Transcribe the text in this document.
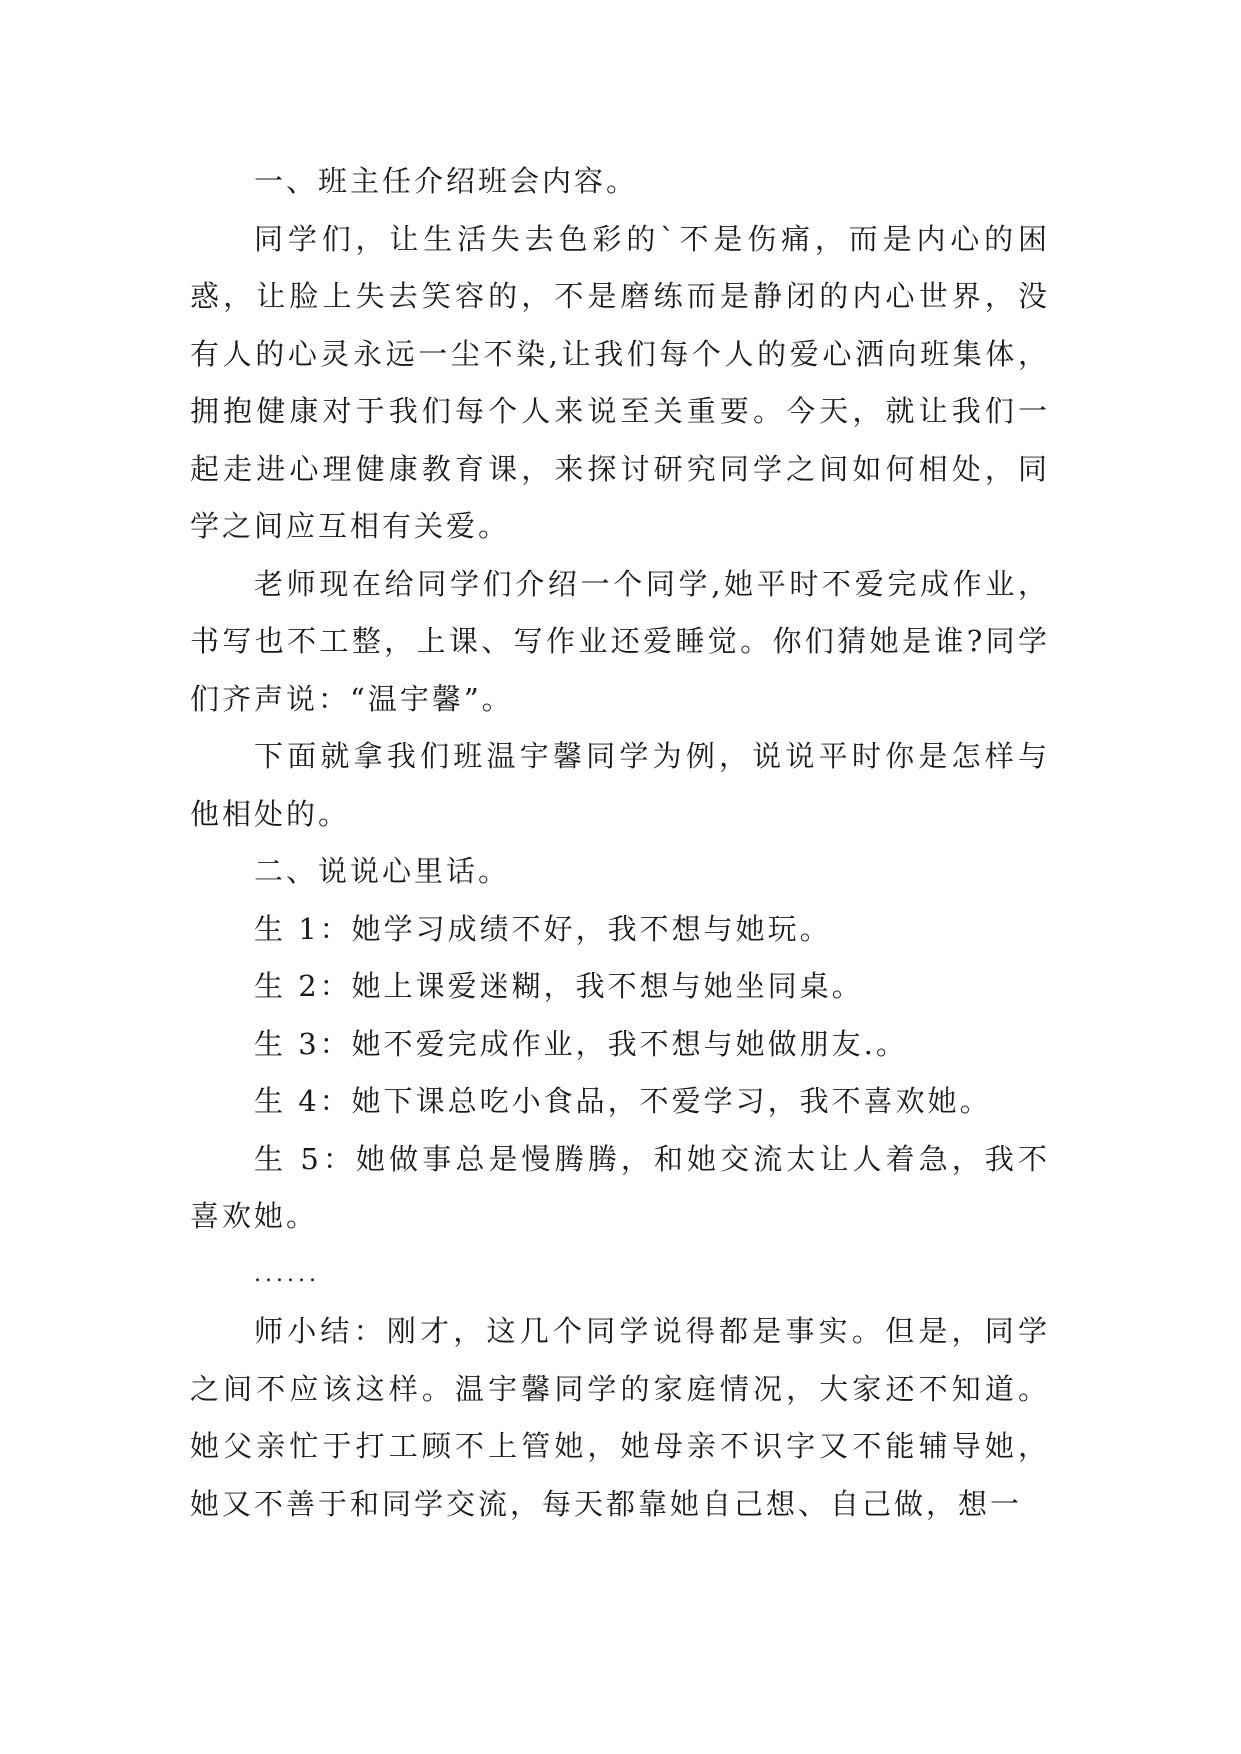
一、班主任介绍班会内容。

同学们，让生活失去色彩的`不是伤痛，而是内心的困惑，让脸上失去笑容的，不是磨练而是静闭的内心世界，没有人的心灵永远一尘不染,让我们每个人的爱心洒向班集体，拥抱健康对于我们每个人来说至关重要。今天，就让我们一起走进心理健康教育课，来探讨研究同学之间如何相处，同学之间应互相有关爱。

老师现在给同学们介绍一个同学,她平时不爱完成作业，书写也不工整，上课、写作业还爱睡觉。你们猜她是谁?同学们齐声说：“温宇馨”。

下面就拿我们班温宇馨同学为例，说说平时你是怎样与他相处的。

二、说说心里话。

生 1：她学习成绩不好，我不想与她玩。

生 2：她上课爱迷糊，我不想与她坐同桌。

生 3：她不爱完成作业，我不想与她做朋友.。

生 4：她下课总吃小食品，不爱学习，我不喜欢她。

生 5：她做事总是慢腾腾，和她交流太让人着急，我不喜欢她。

......

师小结：刚才，这几个同学说得都是事实。但是，同学之间不应该这样。温宇馨同学的家庭情况，大家还不知道。她父亲忙于打工顾不上管她，她母亲不识字又不能辅导她，她又不善于和同学交流，每天都靠她自己想、自己做，想一
